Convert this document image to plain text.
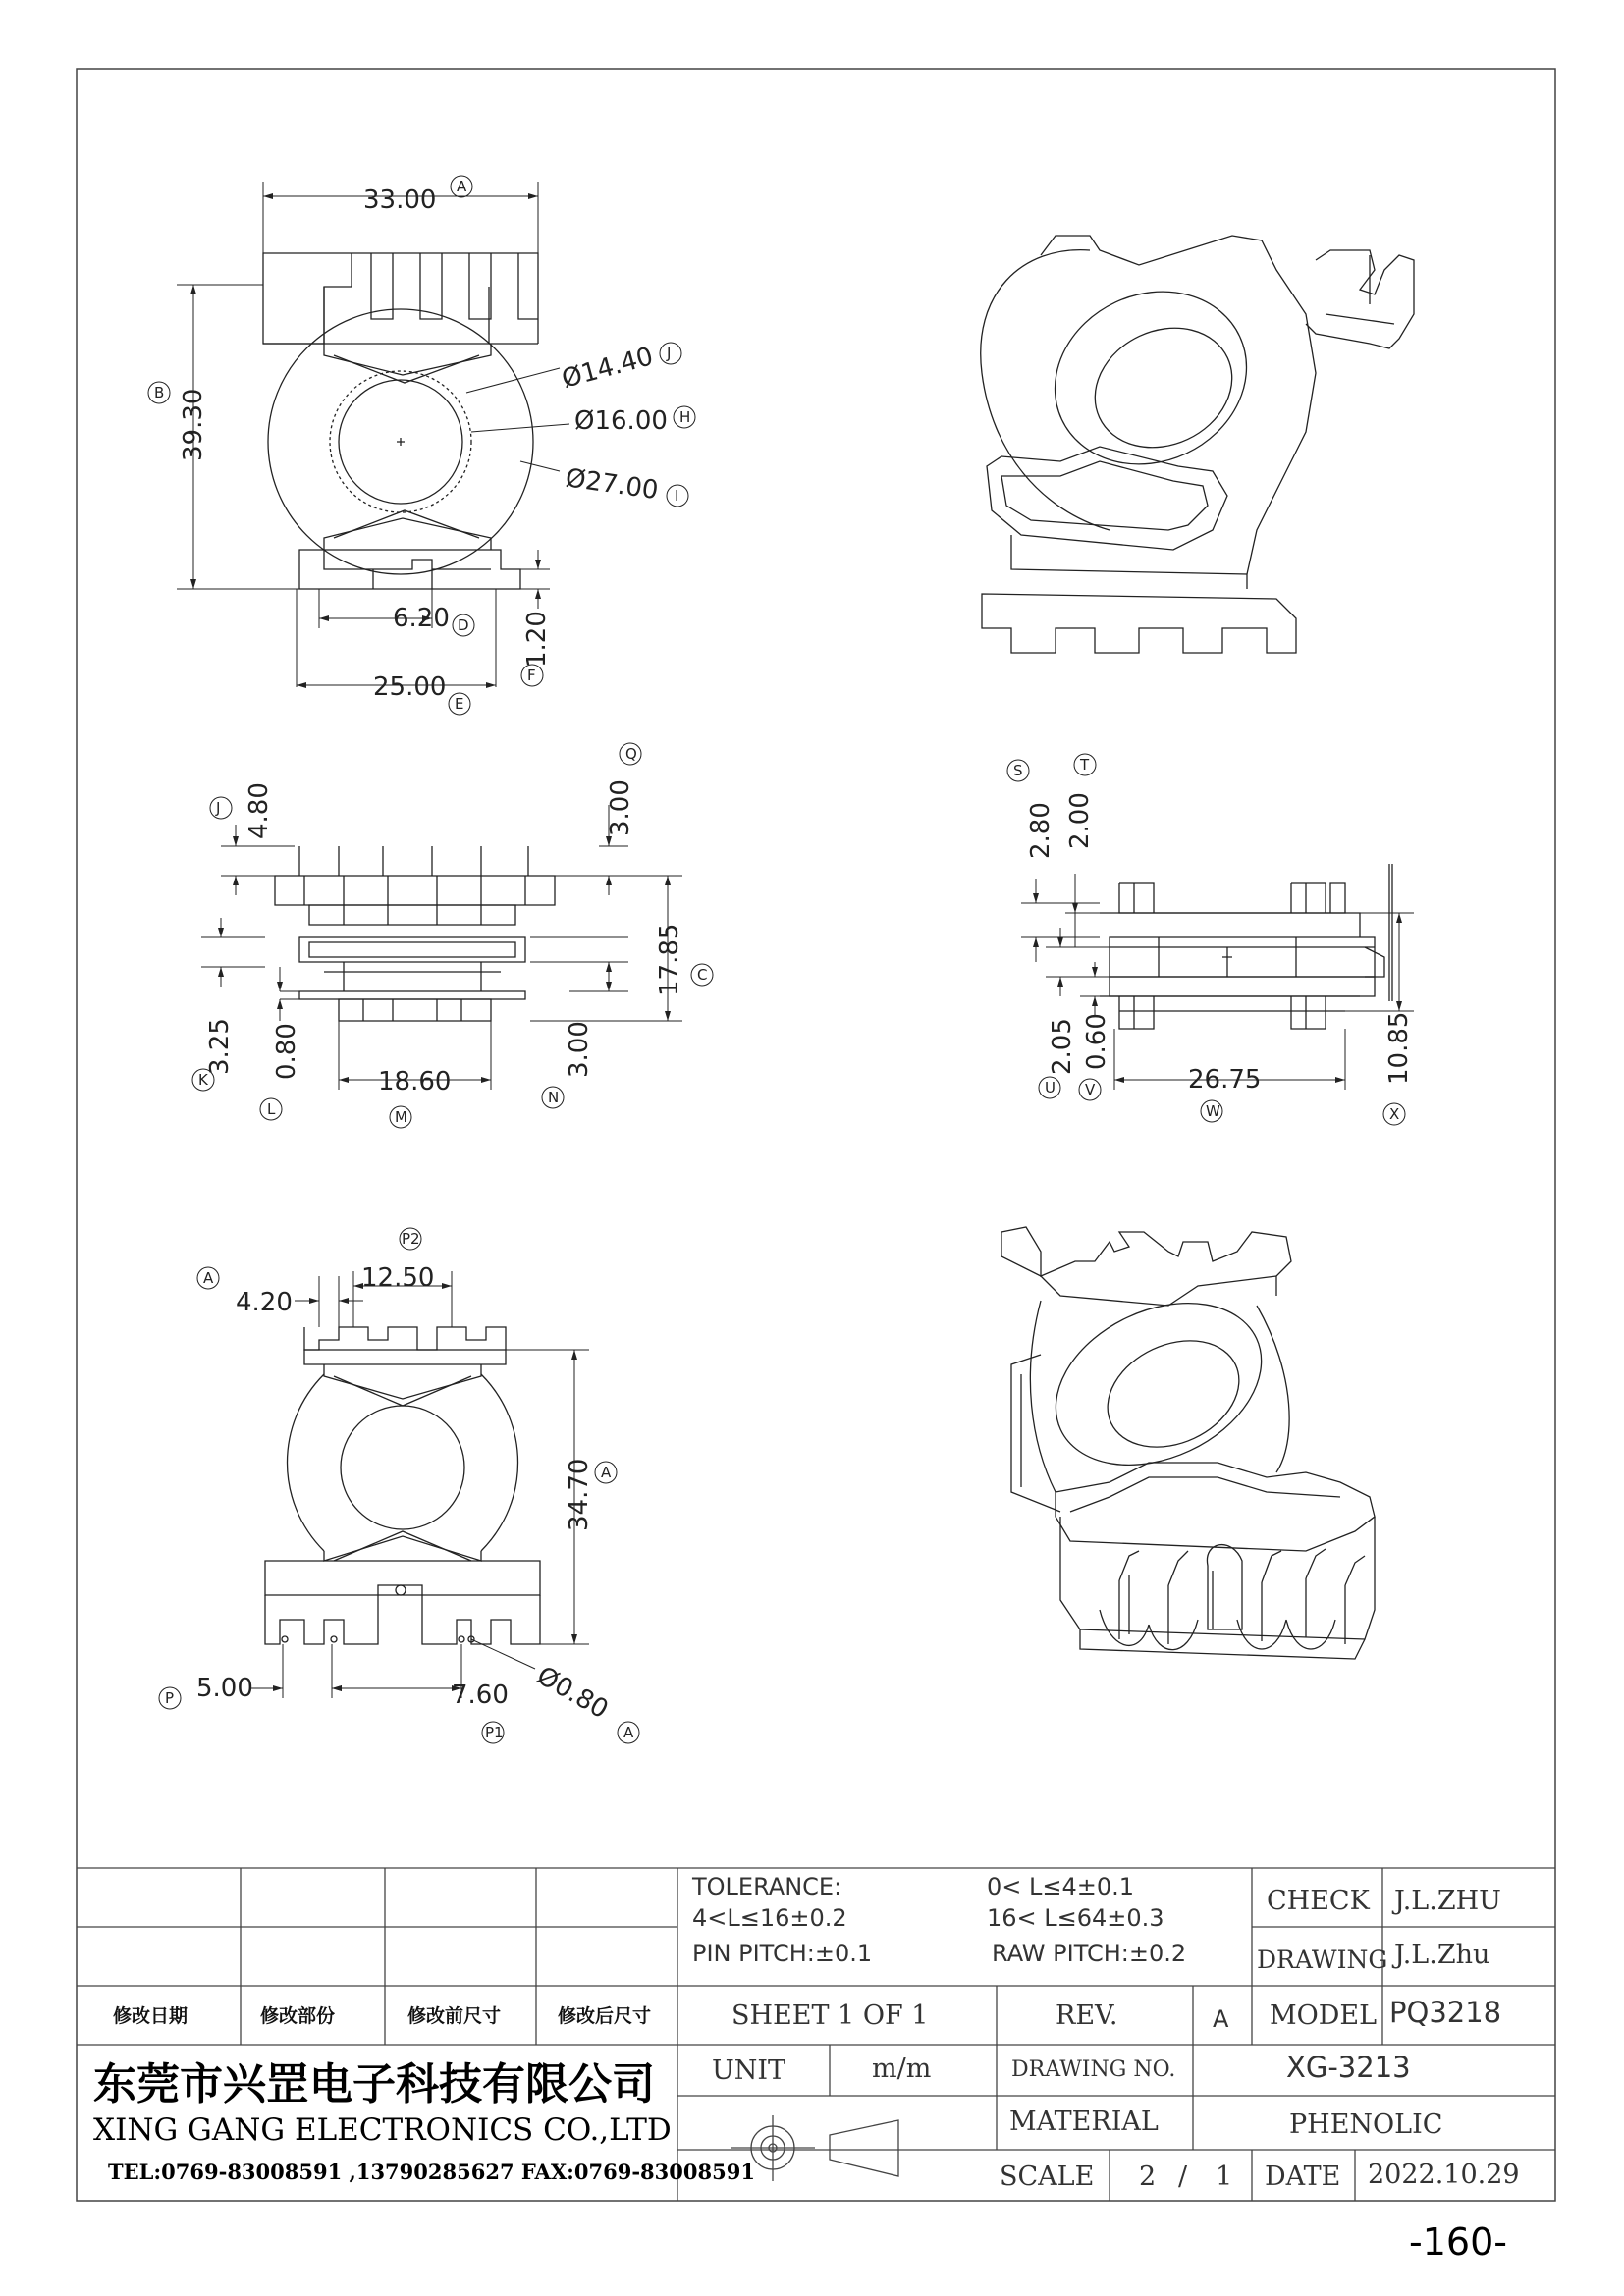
33.00 A
39.30
B	Ø14.40 J
Ø16.00 H
Ø27.00 I
6.20 D 1.20
F
25.00
E
4.80
J	3.00
Q
17.85 C
3.25
K	0.80
L
18.60
M
3.00
N
2.80
S
2.00
T
2.05
U
0.60
V	26.75
W
10.85
X
A
4.20
12.50
P2
34.70 A
5.00
P	7.60
P1
Ø0.80
A
TOLERANCE:	0< L≤4±0.1
4<L≤16±0.2	16< L≤64±0.3
PIN PITCH:±0.1	RAW PITCH:±0.2
CHECK J.L.ZHU
DRAWING J.L.Zhu
修改日期	修改部份	修改前尺寸	修改后尺寸	SHEET 1 OF 1	REV.	A MODEL PQ3218
UNIT	m/m	DRAWING NO.	XG-3213
MATERIAL	PHENOLIC
SCALE 2 / 1 DATE 2022.10.29
东莞市兴罡电子科技有限公司
XING GANG ELECTRONICS CO.,LTD
TEL:0769-83008591 ,13790285627 FAX:0769-83008591
-160-
